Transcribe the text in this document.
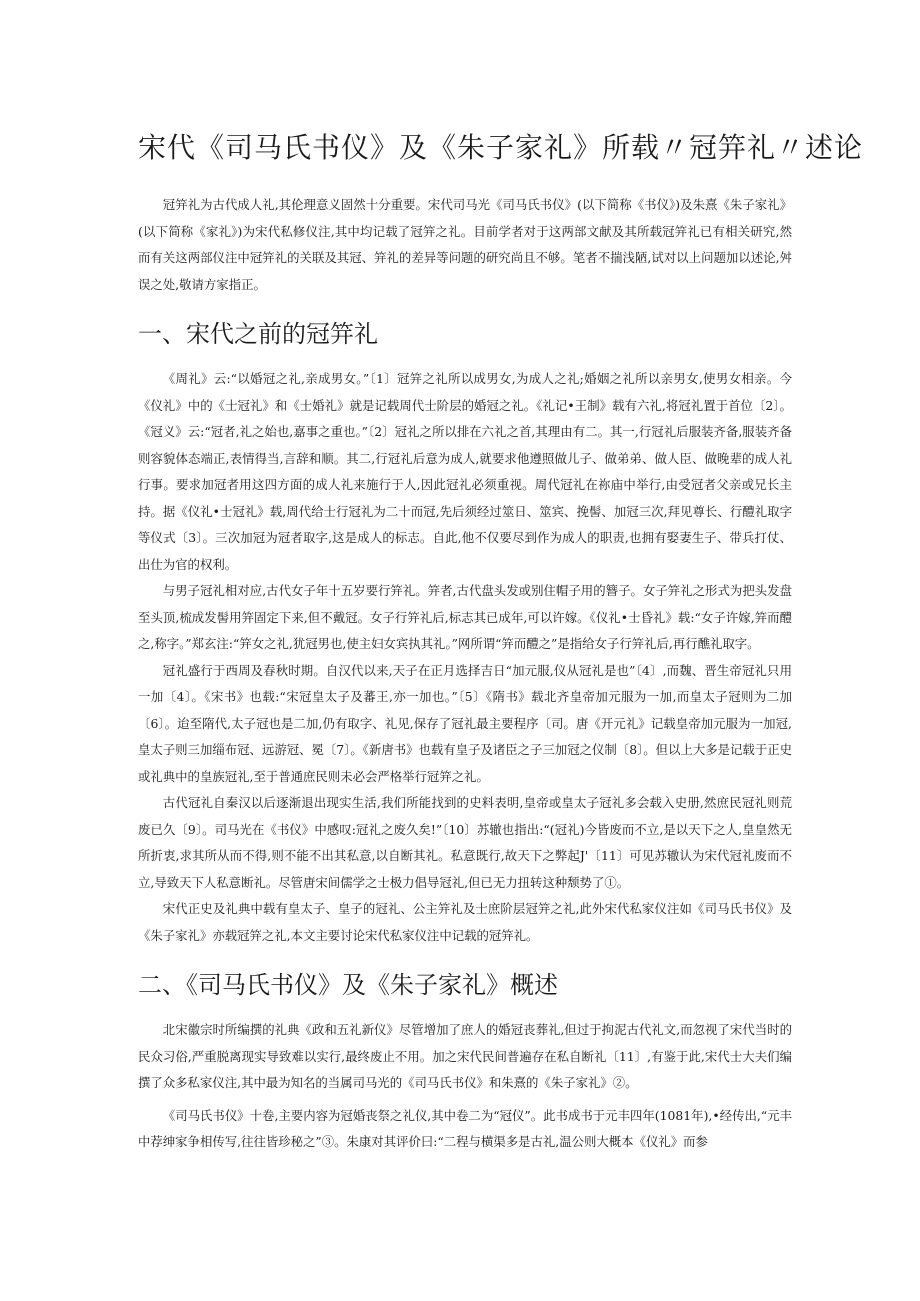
宋代《司马氏书仪》及《朱子家礼》所载〃冠笄礼〃述论

冠笄礼为古代成人礼,其伦理意义固然十分重要。宋代司马光《司马氏书仪》(以下简称《书仪》)及朱熹《朱子家礼》(以下简称《家礼》)为宋代私修仪注,其中均记载了冠笄之礼。目前学者对于这两部文献及其所载冠笄礼已有相关研究,然而有关这两部仪注中冠笄礼的关联及其冠、笄礼的差异等问题的研究尚且不够。笔者不揣浅陋,试对以上问题加以述论,舛误之处,敬请方家指正。

一、宋代之前的冠笄礼

《周礼》云:“以婚冠之礼,亲成男女。”〔1〕冠笄之礼所以成男女,为成人之礼;婚姻之礼所以亲男女,使男女相亲。今《仪礼》中的《士冠礼》和《士婚礼》就是记载周代士阶层的婚冠之礼。《礼记•王制》载有六礼,将冠礼置于首位〔2〕。《冠义》云:“冠者,礼之始也,嘉事之重也。”〔2〕冠礼之所以排在六礼之首,其理由有二。其一,行冠礼后服装齐备,服装齐备则容貌体态端正,表情得当,言辞和顺。其二,行冠礼后意为成人,就要求他遵照做儿子、做弟弟、做人臣、做晚辈的成人礼行事。要求加冠者用这四方面的成人礼来施行于人,因此冠礼必须重视。周代冠礼在祢庙中举行,由受冠者父亲或兄长主持。据《仪礼•士冠礼》载,周代给士行冠礼为二十而冠,先后须经过筮日、筮宾、挽髻、加冠三次,拜见尊长、行醴礼取字等仪式〔3〕。三次加冠为冠者取字,这是成人的标志。自此,他不仅要尽到作为成人的职责,也拥有娶妻生子、带兵打仗、出仕为官的权利。

与男子冠礼相对应,古代女子年十五岁要行笄礼。笄者,古代盘头发或别住帽子用的簪子。女子笄礼之形式为把头发盘至头顶,梳成发髻用笄固定下来,但不戴冠。女子行笄礼后,标志其已成年,可以许嫁。《仪礼•士昏礼》载:“女子许嫁,笄而醴之,称字。”郑玄注:“笄女之礼,犹冠男也,使主妇女宾执其礼。”网所谓“笄而醴之”是指给女子行笄礼后,再行醮礼取字。

冠礼盛行于西周及春秋时期。自汉代以来,天子在正月选择吉日“加元服,仪从冠礼是也”〔4〕,而魏、晋生帝冠礼只用一加〔4〕。《宋书》也载:“宋冠皇太子及蕃王,亦一加也。”〔5〕《隋书》载北齐皇帝加元服为一加,而皇太子冠则为二加〔6〕。迨至隋代,太子冠也是二加,仍有取字、礼见,保存了冠礼最主要程序〔司。唐《开元礼》记载皇帝加元服为一加冠,皇太子则三加缁布冠、远游冠、冕〔7〕。《新唐书》也载有皇子及诸臣之子三加冠之仪制〔8〕。但以上大多是记载于正史或礼典中的皇族冠礼,至于普通庶民则未必会严格举行冠笄之礼。

古代冠礼自秦汉以后逐渐退出现实生活,我们所能找到的史料表明,皇帝或皇太子冠礼多会载入史册,然庶民冠礼则荒废已久〔9〕。司马光在《书仪》中感叹:冠礼之废久矣!”〔10〕苏辙也指出:“(冠礼)今皆废而不立,是以天下之人,皇皇然无所折衷,求其所从而不得,则不能不出其私意,以自断其礼。私意既行,故天下之弊起J'〔11〕可见苏辙认为宋代冠礼废而不立,导致天下人私意断礼。尽管唐宋间儒学之士极力倡导冠礼,但已无力扭转这种颓势了①。

宋代正史及礼典中载有皇太子、皇子的冠礼、公主笄礼及士庶阶层冠笄之礼,此外宋代私家仪注如《司马氏书仪》及《朱子家礼》亦载冠笄之礼,本文主要讨论宋代私家仪注中记载的冠笄礼。

二、《司马氏书仪》及《朱子家礼》概述

北宋徽宗时所编撰的礼典《政和五礼新仪》尽管增加了庶人的婚冠丧葬礼,但过于拘泥古代礼文,而忽视了宋代当时的民众习俗,严重脱离现实导致难以实行,最终废止不用。加之宋代民间普遍存在私自断礼〔11〕,有鉴于此,宋代士大夫们编撰了众多私家仪注,其中最为知名的当属司马光的《司马氏书仪》和朱熹的《朱子家礼》②。

《司马氏书仪》十卷,主要内容为冠婚丧祭之礼仪,其中卷二为“冠仪”。此书成书于元丰四年(1081年),•经传出,“元丰中荐绅家争相传写,往往皆珍秘之”③。朱康对其评价曰:“二程与横渠多是古礼,温公则大概本《仪礼》而参
